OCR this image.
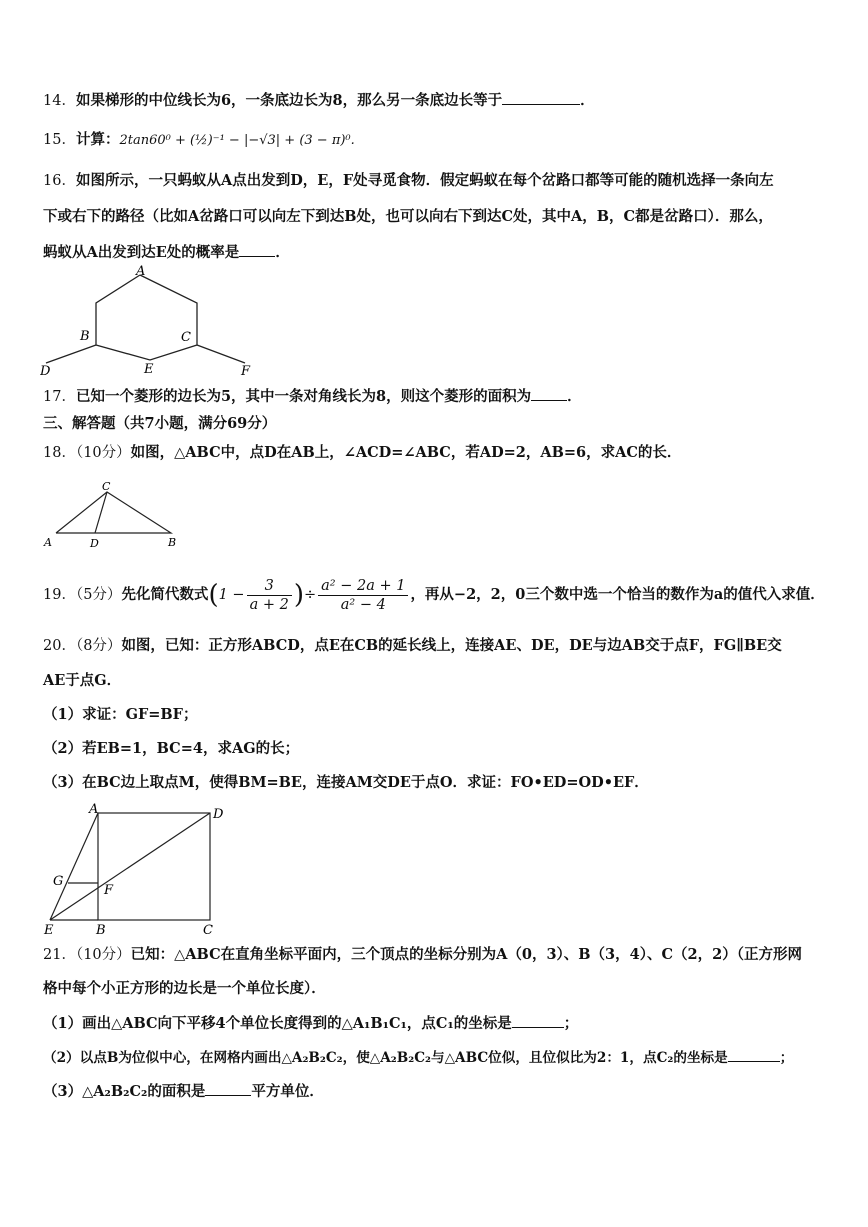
14．如果梯形的中位线长为6，一条底边长为8，那么另一条底边长等于	．
15．计算：2tan60⁰ + (½)⁻¹ − |−√3| + (3 − π)⁰.
16．如图所示，一只蚂蚁从A点出发到D，E，F处寻觅食物．假定蚂蚁在每个岔路口都等可能的随机选择一条向左
下或右下的路径（比如A岔路口可以向左下到达B处，也可以向右下到达C处，其中A，B，C都是岔路口）．那么，
蚂蚁从A出发到达E处的概率是 ．
A
B	C
D	E	F
17．已知一个菱形的边长为5，其中一条对角线长为8，则这个菱形的面积为 ．
三、解答题（共7小题，满分69分）
18．（10分）如图，△ABC中，点D在AB上，∠ACD=∠ABC，若AD=2，AB=6，求AC的长．
C
A	D	B
19．（5分）先化简代数式($1 - \frac{3}{a + 2}$ )÷ $\frac{\text{a² − 2a + 1}}{\text{a² − 4}}$ ，再从−2，2，0三个数中选一个恰当的数作为a的值代入求值．
20．（8分）如图，已知：正方形ABCD，点E在CB的延长线上，连接AE、DE，DE与边AB交于点F，FG∥BE交
AE于点G．
（1）求证：GF=BF；
（2）若EB=1，BC=4，求AG的长；
（3）在BC边上取点M，使得BM=BE，连接AM交DE于点O．求证：FO•ED=OD•EF．
A	D
G
F
E	B	C
21．（10分）已知：△ABC在直角坐标平面内，三个顶点的坐标分别为A（0，3）、B（3，4）、C（2，2）（正方形网
格中每个小正方形的边长是一个单位长度）．
（1）画出△ABC向下平移4个单位长度得到的△A₁B₁C₁，点C₁的坐标是	；
（2）以点B为位似中心，在网格内画出△A₂B₂C₂，使△A₂B₂C₂与△ABC位似，且位似比为2：1，点C₂的坐标是	；
（3）△A₂B₂C₂的面积是	平方单位．
